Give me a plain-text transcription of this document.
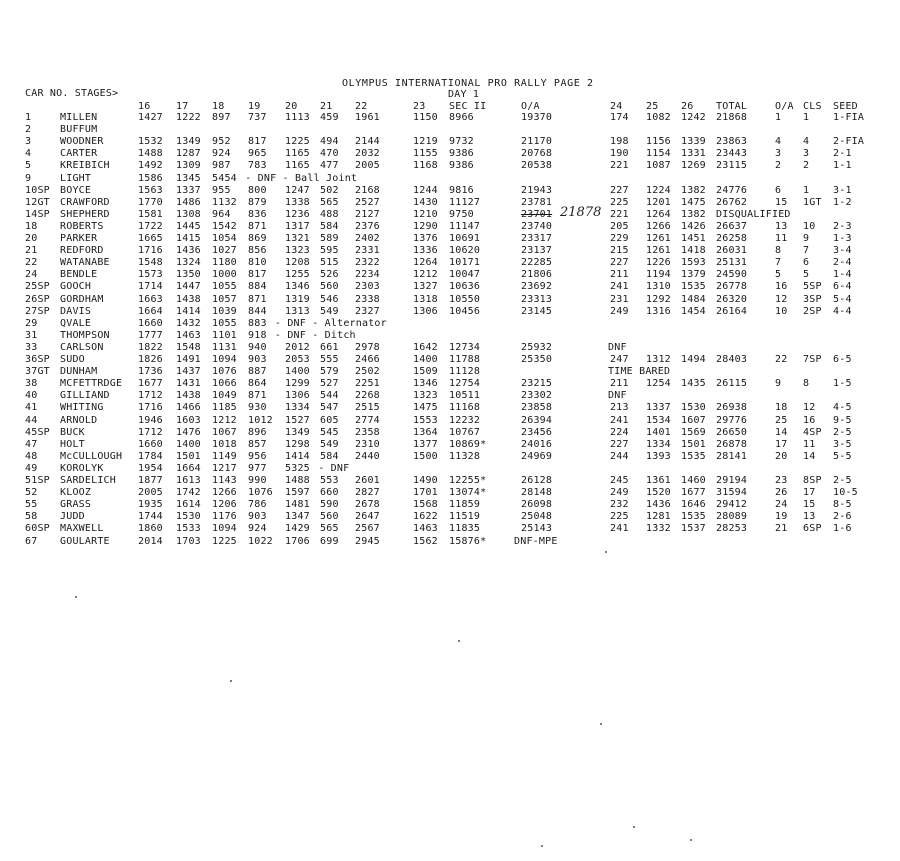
OLYMPUS INTERNATIONAL PRO RALLY PAGE 2
CAR NO. STAGES>	DAY 1
16	17 18 19 20 21 22	23 SEC II	O/A	24 25 26 TOTAL	O/A CLS SEED
1	MILLEN	1427 1222 897 737 1113 459 1961	1150 8966	19370	174 1082 1242 21868	1 1 1-FIA
2	BUFFUM
3	WOODNER	1532 1349 952 817 1225 494 2144	1219 9732	21170	198 1156 1339 23863	4 4 2-FIA
4	CARTER	1488 1287 924 965 1165 470 2032	1155 9386	20768	190 1154 1331 23443	3 3 2-1
5	KREIBICH	1492 1309 987 783 1165 477 2005	1168 9386	20538	221 1087 1269 23115	2 2 1-1
9	LIGHT	1586 1345 5454 - DNF - Ball Joint
10SP BOYCE	1563 1337 955 800 1247 502 2168	1244 9816	21943	227 1224 1382 24776	6 1 3-1
12GT CRAWFORD	1770 1486 1132 879 1338 565 2527	1430 11127	23781	225 1201 1475 26762	15 1GT 1-2
14SP SHEPHERD	1581 1308 964 836 1236 488 2127	1210 9750	23701	221 1264 1382 DISQUALIFIED
18 ROBERTS	1722 1445 1542 871 1317 584 2376	1290 11147	23740	205 1266 1426 26637	13 10 2-3
20 PARKER	1665 1415 1054 869 1321 589 2402	1376 10691	23317	229 1261 1451 26258	11 9 1-3
21 REDFORD	1716 1436 1027 856 1323 595 2331	1336 10620	23137	215 1261 1418 26031	8 7 3-4
22 WATANABE	1548 1324 1180 810 1208 515 2322	1264 10171	22285	227 1226 1593 25131	7 6 2-4
24 BENDLE	1573 1350 1000 817 1255 526 2234	1212 10047	21806	211 1194 1379 24590	5 5 1-4
25SP GOOCH	1714 1447 1055 884 1346 560 2303	1327 10636	23692	241 1310 1535 26778	16 5SP 6-4
26SP GORDHAM	1663 1438 1057 871 1319 546 2338	1318 10550	23313	231 1292 1484 26320	12 3SP 5-4
27SP DAVIS	1664 1414 1039 844 1313 549 2327	1306 10456	23145	249 1316 1454 26164	10 2SP 4-4
29 QVALE	1660 1432 1055 883 - DNF - Alternator
31 THOMPSON	1777 1463 1101 918 - DNF - Ditch
33 CARLSON	1822 1548 1131 940 2012 661 2978	1642 12734	25932	DNF
36SP SUDO	1826 1491 1094 903 2053 555 2466	1400 11788	25350	247 1312 1494 28403	22 7SP 6-5
37GT DUNHAM	1736 1437 1076 887 1400 579 2502	1509 11128	TIME BARED
38 MCFETTRDGE 1677 1431 1066 864 1299 527 2251	1346 12754	23215	211 1254 1435 26115	9 8 1-5
40 GILLIAND	1712 1438 1049 871 1306 544 2268	1323 10511	23302	DNF
41 WHITING	1716 1466 1185 930 1334 547 2515	1475 11168	23858	213 1337 1530 26938	18 12 4-5
44 ARNOLD	1946 1603 1212 1012 1527 605 2774	1553 12232	26394	241 1534 1607 29776	25 16 9-5
45SP BUCK	1712 1476 1067 896 1349 545 2358	1364 10767	23456	224 1401 1569 26650	14 4SP 2-5
47 HOLT	1660 1400 1018 857 1298 549 2310	1377 10869*	24016	227 1334 1501 26878	17 11 3-5
48 McCULLOUGH 1784 1501 1149 956 1414 584 2440	1500 11328	24969	244 1393 1535 28141	20 14 5-5
49 KOROLYK	1954 1664 1217 977 5325 - DNF
51SP SARDELICH 1877 1613 1143 990 1488 553 2601	1490 12255*	26128	245 1361 1460 29194	23 8SP 2-5
52 KLOOZ	2005 1742 1266 1076 1597 660 2827	1701 13074*	28148	249 1520 1677 31594	26 17 10-5
55 GRASS	1935 1614 1206 786 1481 590 2678	1568 11859	26098	232 1436 1646 29412	24 15 8-5
58 JUDD	1744 1530 1176 903 1347 560 2647	1622 11519	25048	225 1281 1535 28089	19 13 2-6
60SP MAXWELL	1860 1533 1094 924 1429 565 2567	1463 11835	25143	241 1332 1537 28253	21 6SP 1-6
67 GOULARTE	2014 1703 1225 1022 1706 699 2945	1562 15876*	DNF-MPE
21878
